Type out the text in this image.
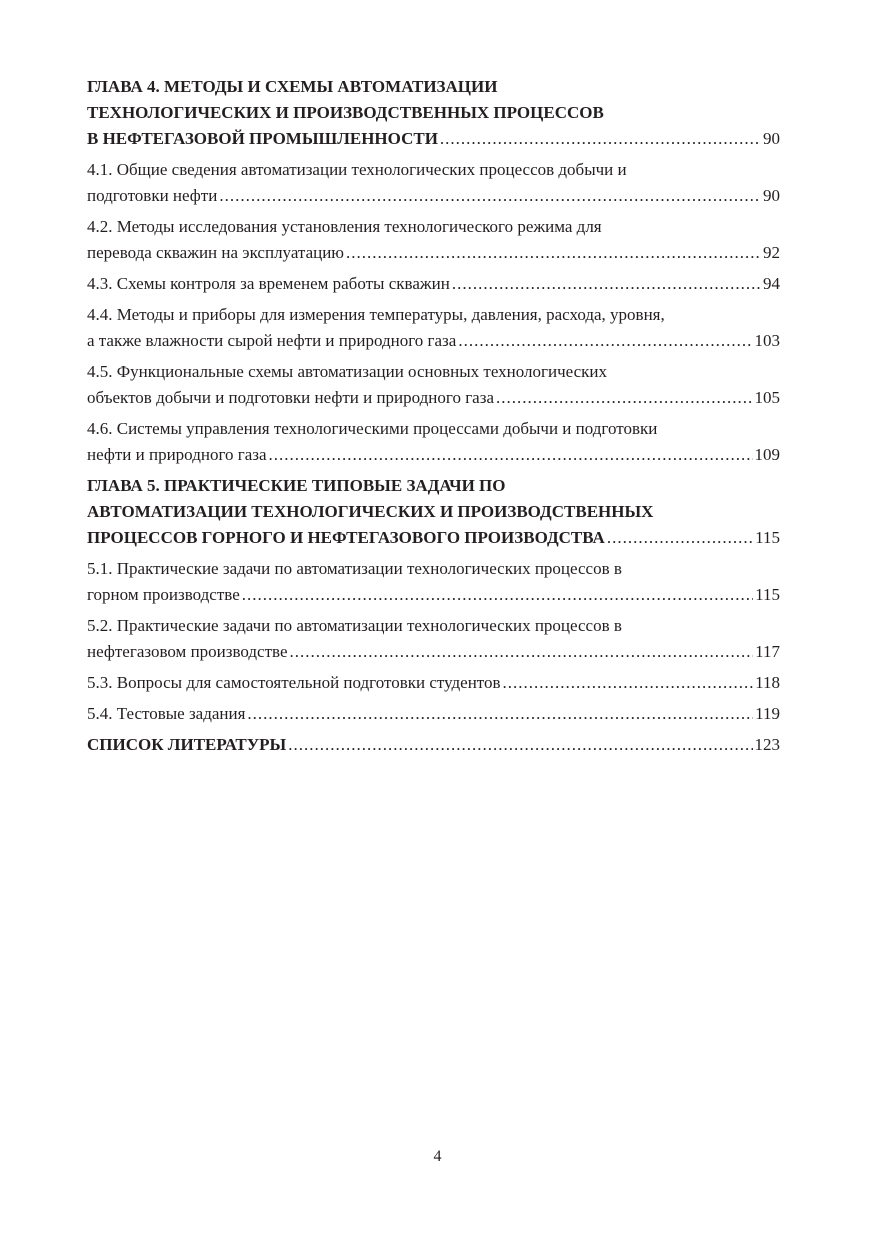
ГЛАВА 4. МЕТОДЫ И СХЕМЫ АВТОМАТИЗАЦИИ
ТЕХНОЛОГИЧЕСКИХ И ПРОИЗВОДСТВЕННЫХ ПРОЦЕССОВ
В НЕФТЕГАЗОВОЙ ПРОМЫШЛЕННОСТИ .....	90
4.1. Общие сведения автоматизации технологических процессов добычи и
подготовки нефти .....	90
4.2. Методы исследования установления технологического режима для
перевода скважин на эксплуатацию .....	92
4.3. Схемы контроля за временем работы скважин .....	94
4.4. Методы и приборы для измерения температуры, давления, расхода, уровня,
а также влажности сырой нефти и природного газа .....	103
4.5. Функциональные схемы автоматизации основных технологических
объектов добычи и подготовки нефти и природного газа .....	105
4.6. Системы управления технологическими процессами добычи и подготовки
нефти и природного газа .....	109
ГЛАВА 5. ПРАКТИЧЕСКИЕ ТИПОВЫЕ ЗАДАЧИ ПО
АВТОМАТИЗАЦИИ ТЕХНОЛОГИЧЕСКИХ И ПРОИЗВОДСТВЕННЫХ
ПРОЦЕССОВ ГОРНОГО И НЕФТЕГАЗОВОГО ПРОИЗВОДСТВА .....	115
5.1. Практические задачи по автоматизации технологических процессов в
горном производстве .....	115
5.2. Практические задачи по автоматизации технологических процессов в
нефтегазовом производстве .....	117
5.3. Вопросы для самостоятельной подготовки студентов .....	118
5.4. Тестовые задания .....	119
СПИСОК ЛИТЕРАТУРЫ .....	123
4
